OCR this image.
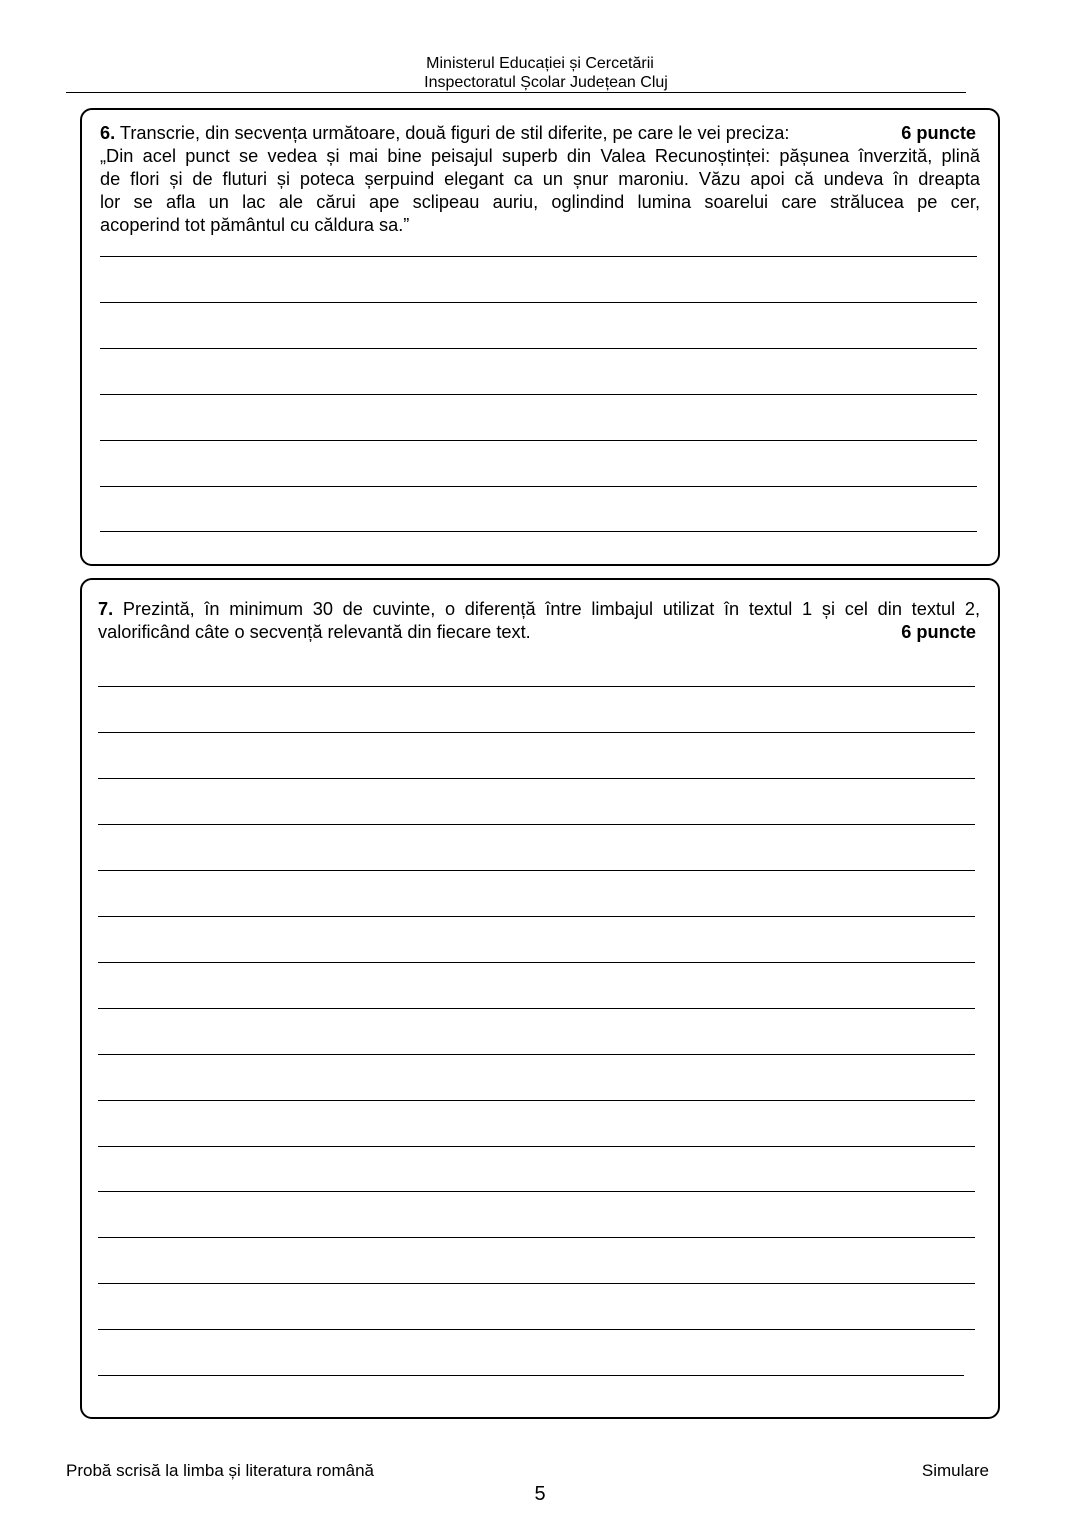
Ministerul Educației și Cercetării
Inspectoratul Școlar Județean Cluj
6. Transcrie, din secvența următoare, două figuri de stil diferite, pe care le vei preciza:	6 puncte
„Din acel punct se vedea și mai bine peisajul superb din Valea Recunoștinței: pășunea înverzită, plină
de flori și de fluturi și poteca șerpuind elegant ca un șnur maroniu. Văzu apoi că undeva în dreapta
lor se afla un lac ale cărui ape sclipeau auriu, oglindind lumina soarelui care strălucea pe cer,
acoperind tot pământul cu căldura sa.”
7. Prezintă, în minimum 30 de cuvinte, o diferență între limbajul utilizat în textul 1 și cel din textul 2,
valorificând câte o secvență relevantă din fiecare text.	6 puncte
Probă scrisă la limba și literatura română	Simulare
5
